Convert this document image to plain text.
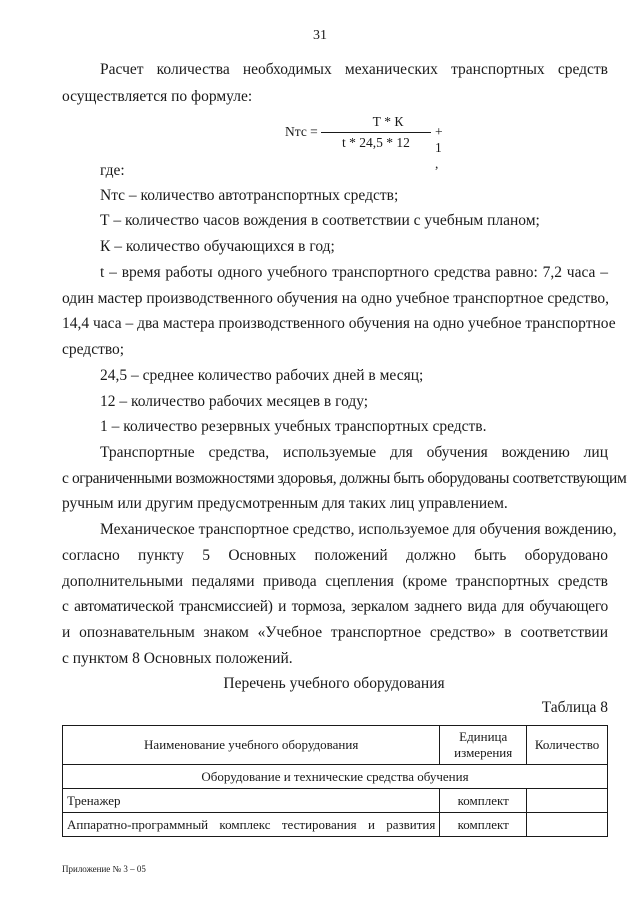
31
Расчет количества необходимых механических транспортных средств
осуществляется по формуле:
Nтс =
Т * К
t * 24,5 * 12
+ 1 ,
где:
Nтс – количество автотранспортных средств;
Т – количество часов вождения в соответствии с учебным планом;
К – количество обучающихся в год;
t – время работы одного учебного транспортного средства равно: 7,2 часа –
один мастер производственного обучения на одно учебное транспортное средство,
14,4 часа – два мастера производственного обучения на одно учебное транспортное
средство;
24,5 – среднее количество рабочих дней в месяц;
12 – количество рабочих месяцев в году;
1 – количество резервных учебных транспортных средств.
Транспортные средства, используемые для обучения вождению лиц
с ограниченными возможностями здоровья, должны быть оборудованы соответствующим
ручным или другим предусмотренным для таких лиц управлением.
Механическое транспортное средство, используемое для обучения вождению,
согласно пункту 5 Основных положений должно быть оборудовано
дополнительными педалями привода сцепления (кроме транспортных средств
с автоматической трансмиссией) и тормоза, зеркалом заднего вида для обучающего
и опознавательным знаком «Учебное транспортное средство» в соответствии
с пунктом 8 Основных положений.
Перечень учебного оборудования
Таблица 8
Наименование учебного оборудования	Единица измерения	Количество
Оборудование и технические средства обучения		
Тренажер	комплект	
Аппаратно-программный комплекс тестирования и развития	комплект	
Приложение № 3 – 05
